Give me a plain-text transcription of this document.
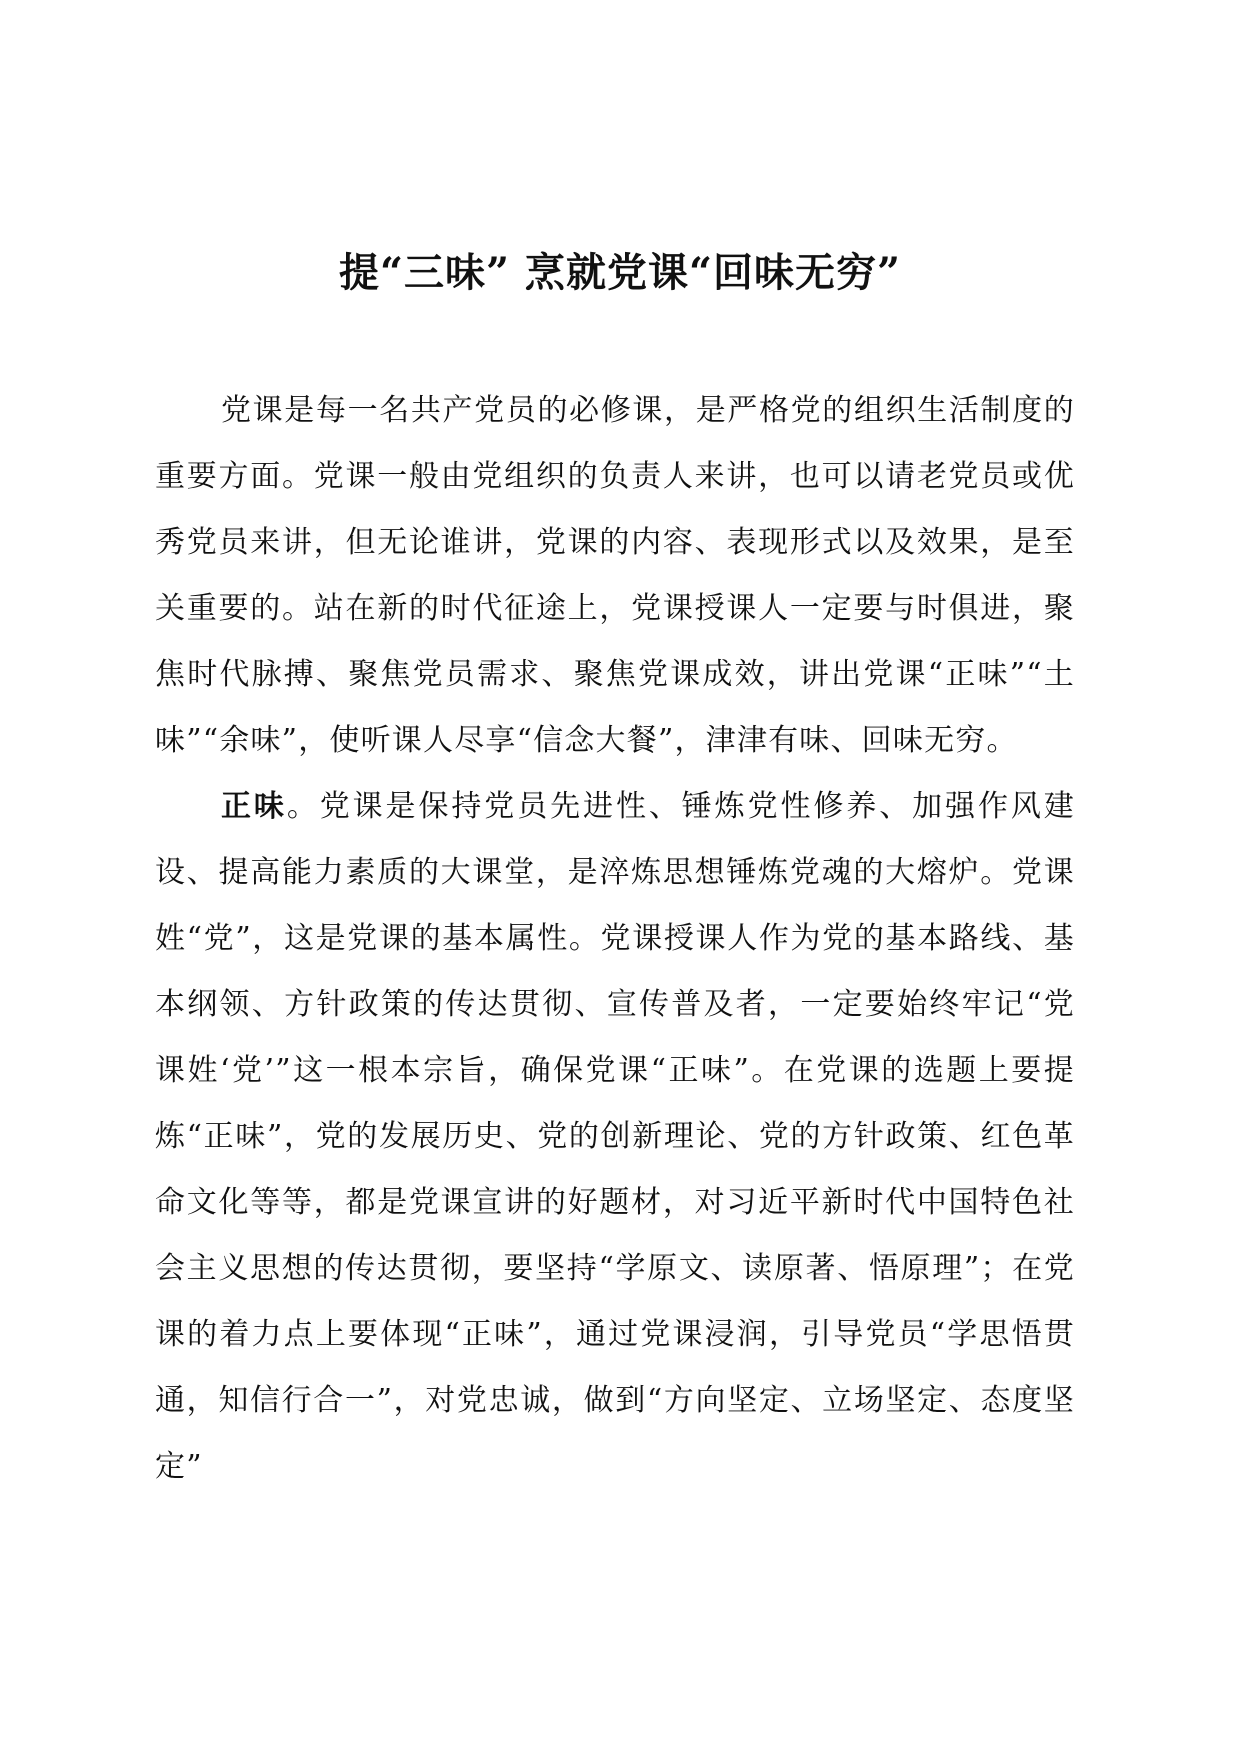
提“三味” 烹就党课“回味无穷”

党课是每一名共产党员的必修课，是严格党的组织生活制度的重要方面。党课一般由党组织的负责人来讲，也可以请老党员或优秀党员来讲，但无论谁讲，党课的内容、表现形式以及效果，是至关重要的。站在新的时代征途上，党课授课人一定要与时俱进，聚焦时代脉搏、聚焦党员需求、聚焦党课成效，讲出党课“正味”“土味”“余味”，使听课人尽享“信念大餐”，津津有味、回味无穷。

正味。党课是保持党员先进性、锤炼党性修养、加强作风建设、提高能力素质的大课堂，是淬炼思想锤炼党魂的大熔炉。党课姓“党”，这是党课的基本属性。党课授课人作为党的基本路线、基本纲领、方针政策的传达贯彻、宣传普及者，一定要始终牢记“党课姓‘党’”这一根本宗旨，确保党课“正味”。在党课的选题上要提炼“正味”，党的发展历史、党的创新理论、党的方针政策、红色革命文化等等，都是党课宣讲的好题材，对习近平新时代中国特色社会主义思想的传达贯彻，要坚持“学原文、读原著、悟原理”；在党课的着力点上要体现“正味”，通过党课浸润，引导党员“学思悟贯通，知信行合一”，对党忠诚，做到“方向坚定、立场坚定、态度坚定”
